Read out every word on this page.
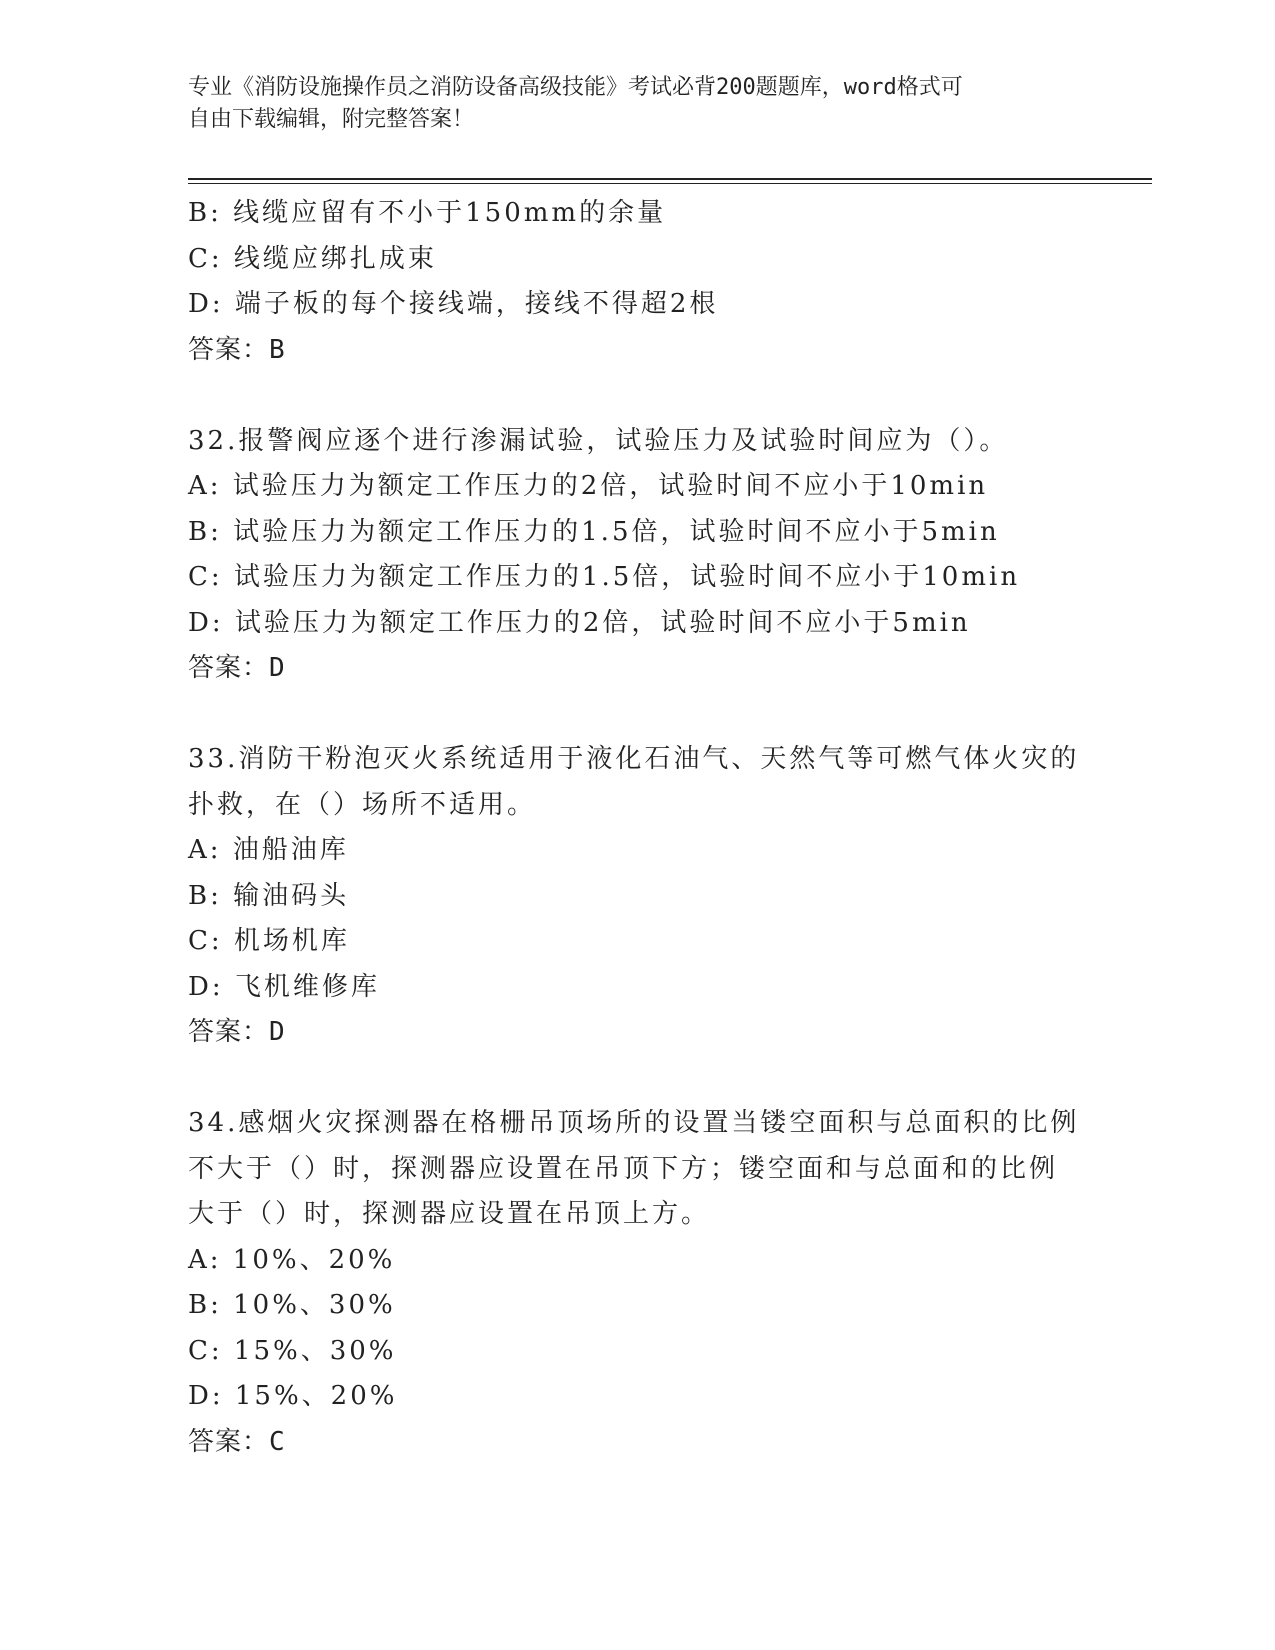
专业《消防设施操作员之消防设备高级技能》考试必背200题题库，word格式可
自由下载编辑，附完整答案！
B: 线缆应留有不小于150mm的余量
C: 线缆应绑扎成束
D: 端子板的每个接线端，接线不得超2根
答案：B
32.报警阀应逐个进行渗漏试验，试验压力及试验时间应为（）。
A: 试验压力为额定工作压力的2倍，试验时间不应小于10min
B: 试验压力为额定工作压力的1.5倍，试验时间不应小于5min
C: 试验压力为额定工作压力的1.5倍，试验时间不应小于10min
D: 试验压力为额定工作压力的2倍，试验时间不应小于5min
答案：D
33.消防干粉泡灭火系统适用于液化石油气、天然气等可燃气体火灾的
扑救，在（）场所不适用。
A: 油船油库
B: 输油码头
C: 机场机库
D: 飞机维修库
答案：D
34.感烟火灾探测器在格栅吊顶场所的设置当镂空面积与总面积的比例
不大于（）时，探测器应设置在吊顶下方；镂空面和与总面和的比例
大于（）时，探测器应设置在吊顶上方。
A: 10%、20%
B: 10%、30%
C: 15%、30%
D: 15%、20%
答案：C
